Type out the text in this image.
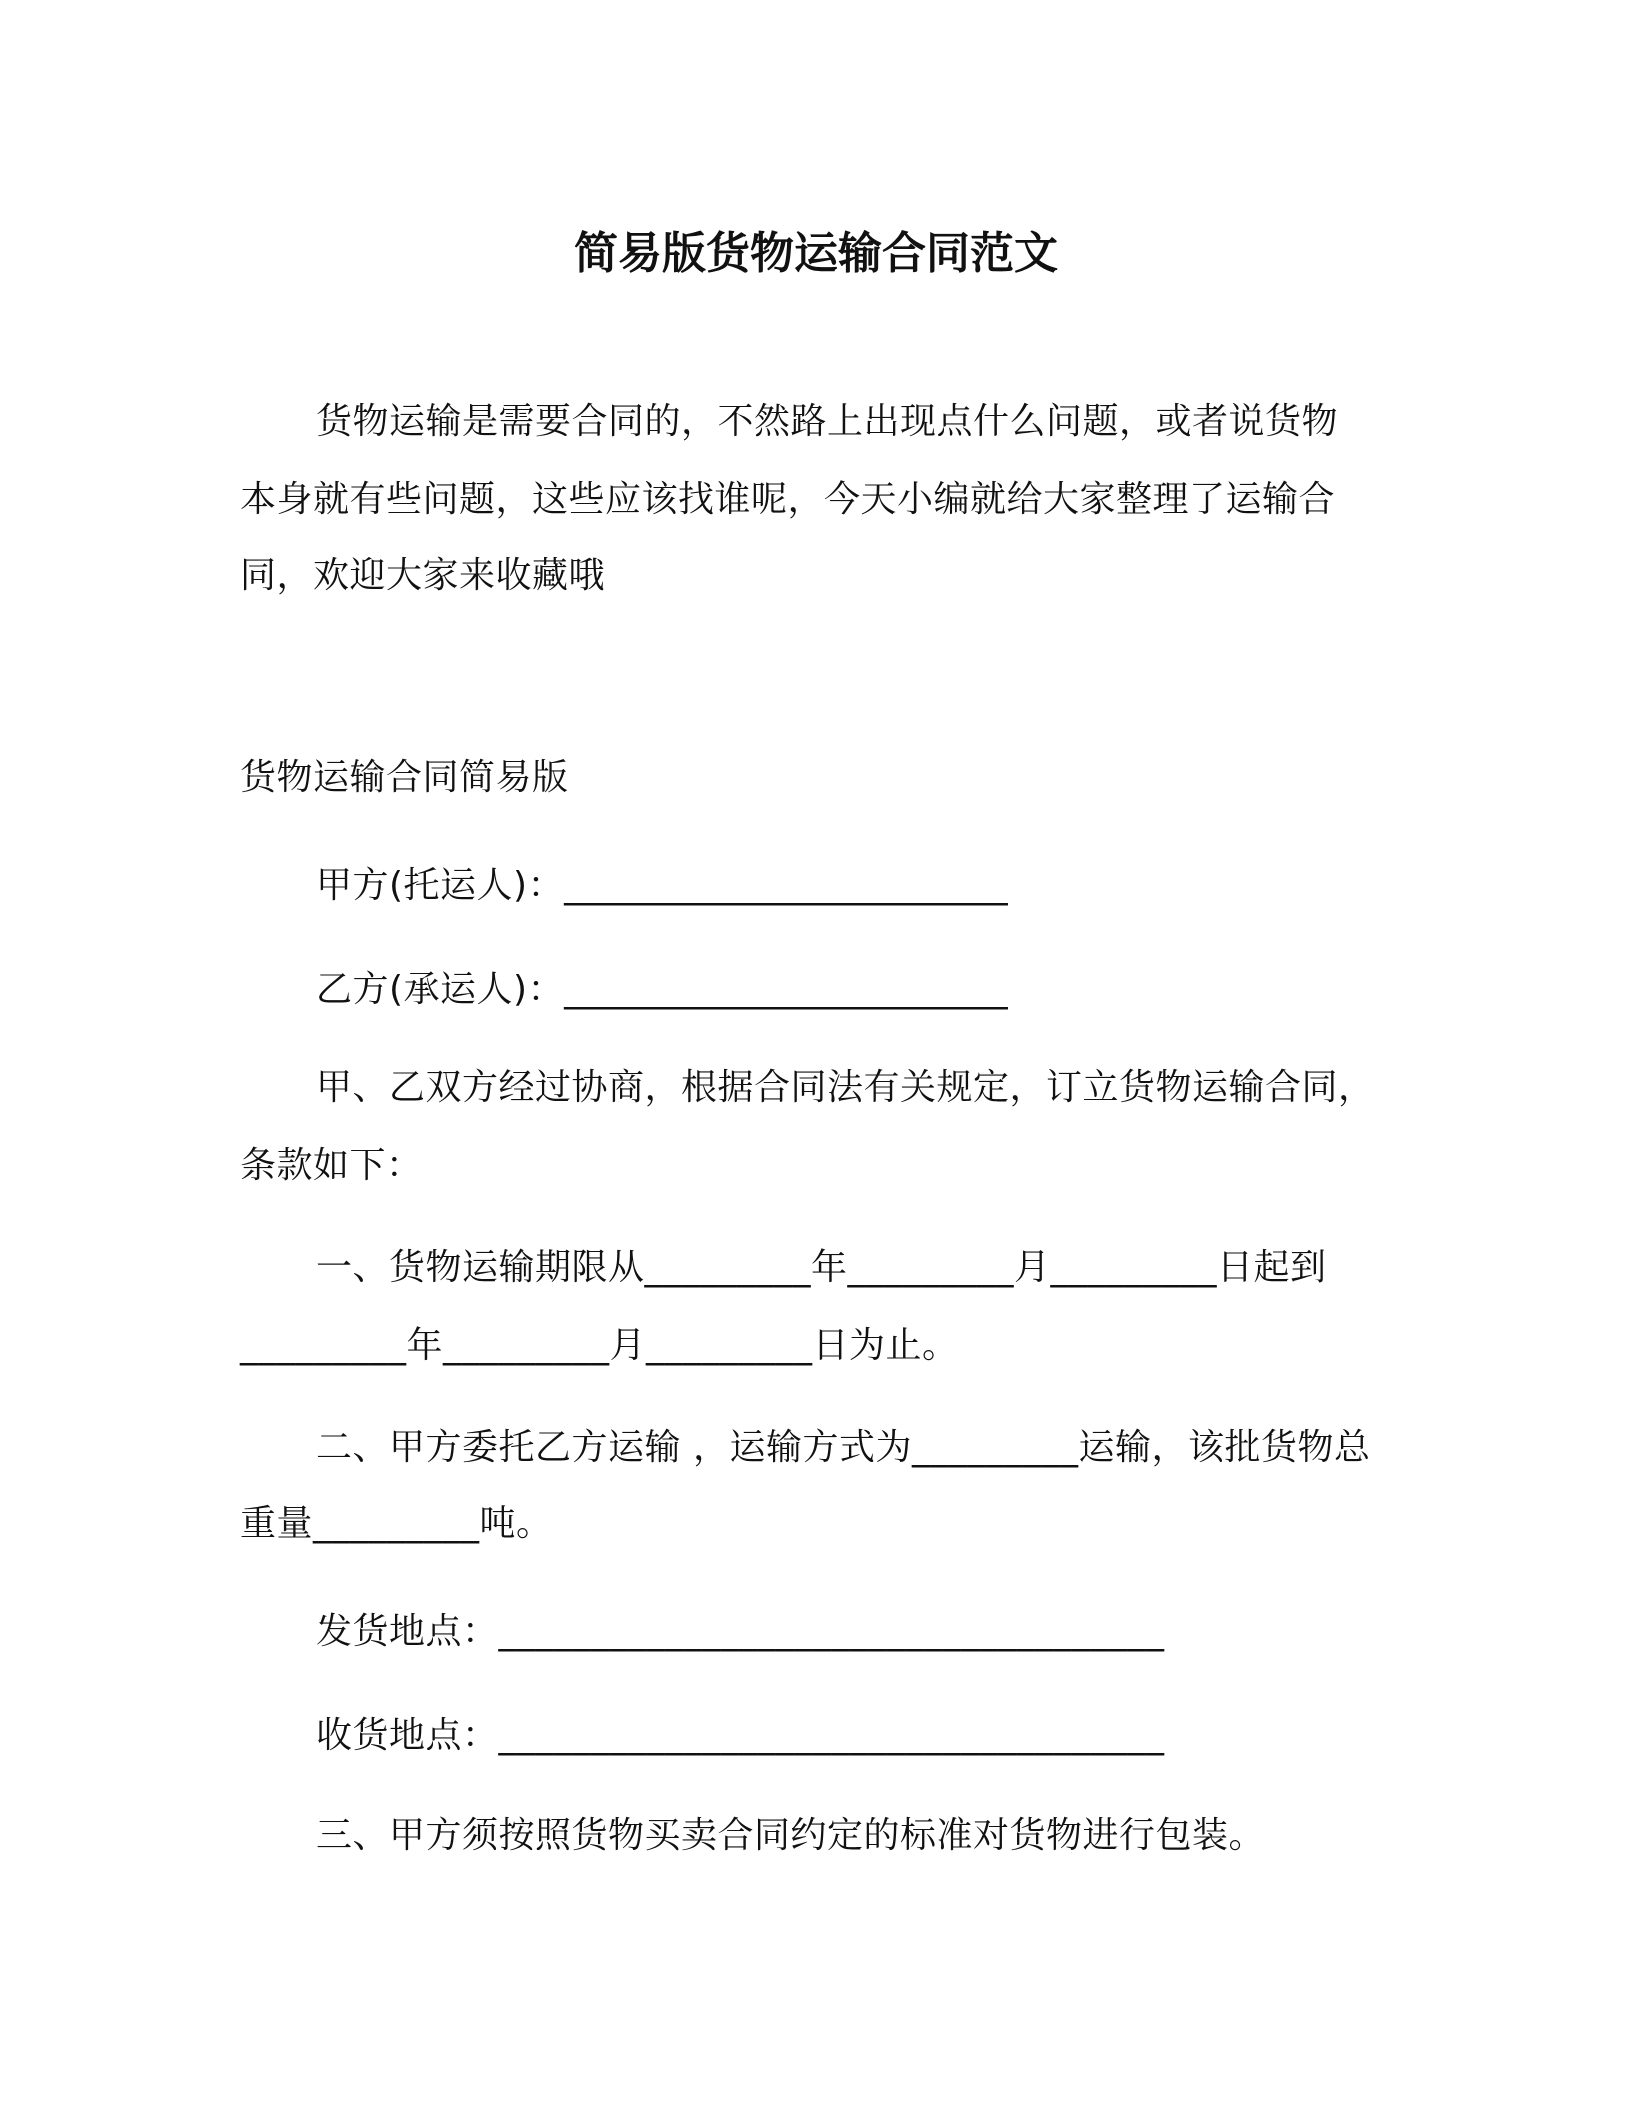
简易版货物运输合同范文
货物运输是需要合同的，不然路上出现点什么问题，或者说货物
本身就有些问题，这些应该找谁呢，今天小编就给大家整理了运输合
同，欢迎大家来收藏哦
货物运输合同简易版
甲方(托运人)：________________________
乙方(承运人)：________________________
甲、乙双方经过协商，根据合同法有关规定，订立货物运输合同，
条款如下：
一、货物运输期限从_________年_________月_________日起到
_________年_________月_________日为止。
二、甲方委托乙方运输 ，运输方式为_________运输，该批货物总
重量_________吨。
发货地点：____________________________________
收货地点：____________________________________
三、甲方须按照货物买卖合同约定的标准对货物进行包装。
